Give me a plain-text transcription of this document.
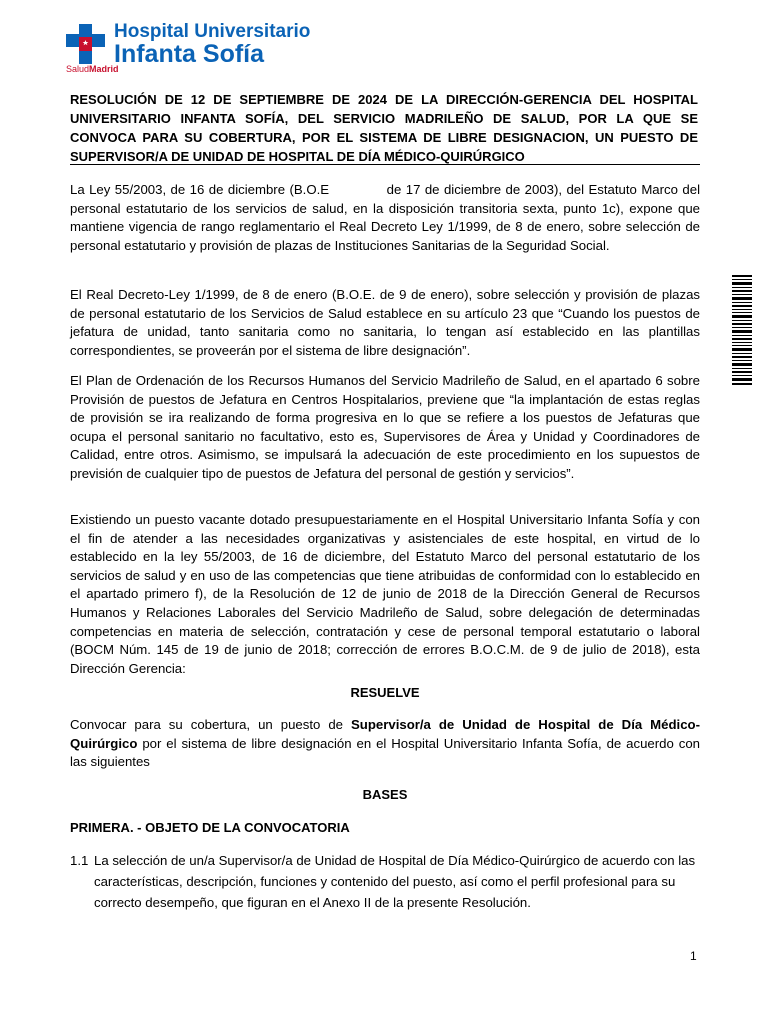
SaludMadrid
Hospital Universitario
Infanta Sofía
RESOLUCIÓN DE 12 DE SEPTIEMBRE DE 2024 DE LA DIRECCIÓN-GERENCIA DEL HOSPITAL UNIVERSITARIO INFANTA SOFÍA, DEL SERVICIO MADRILEÑO DE SALUD, POR LA QUE SE CONVOCA PARA SU COBERTURA, POR EL SISTEMA DE LIBRE DESIGNACION, UN PUESTO DE SUPERVISOR/A DE UNIDAD DE HOSPITAL DE DÍA MÉDICO-QUIRÚRGICO
La Ley 55/2003, de 16 de diciembre (B.O.E             de 17 de diciembre de 2003), del Estatuto Marco del personal estatutario de los servicios de salud, en la disposición transitoria sexta, punto 1c), expone que mantiene vigencia de rango reglamentario el Real Decreto Ley 1/1999, de 8 de enero, sobre selección de personal estatutario y provisión de plazas de Instituciones Sanitarias de la Seguridad Social.
El Real Decreto-Ley 1/1999, de 8 de enero (B.O.E. de 9 de enero), sobre selección y provisión de plazas de personal estatutario de los Servicios de Salud establece en su artículo 23 que “Cuando los puestos de jefatura de unidad, tanto sanitaria como no sanitaria, lo tengan así establecido en las plantillas correspondientes, se proveerán por el sistema de libre designación”.
El Plan de Ordenación de los Recursos Humanos del Servicio Madrileño de Salud, en el apartado 6 sobre Provisión de puestos de Jefatura en Centros Hospitalarios, previene que “la implantación de estas reglas de provisión se ira realizando de forma progresiva en lo que se refiere a los puestos de Jefaturas que ocupa el personal sanitario no facultativo, esto es, Supervisores de Área y Unidad y Coordinadores de Calidad, entre otros. Asimismo, se impulsará la adecuación de este procedimiento en los supuestos de previsión de cualquier tipo de puestos de Jefatura del personal de gestión y servicios”.
Existiendo un puesto vacante dotado presupuestariamente en el Hospital Universitario Infanta Sofía y con el fin de atender a las necesidades organizativas y asistenciales de este hospital, en virtud de lo establecido en la ley 55/2003, de 16 de diciembre, del Estatuto Marco del personal estatutario de los servicios de salud y en uso de las competencias que tiene atribuidas de conformidad con lo establecido en el apartado primero f), de la Resolución de 12 de junio de 2018 de la Dirección General de Recursos Humanos y Relaciones Laborales del Servicio Madrileño de Salud, sobre delegación de determinadas competencias en materia de selección, contratación y cese de personal temporal estatutario o laboral (BOCM Núm. 145 de 19 de junio de 2018; corrección de errores B.O.C.M. de 9 de julio de 2018), esta Dirección Gerencia:
RESUELVE
Convocar para su cobertura, un puesto de Supervisor/a de Unidad de Hospital de Día Médico-Quirúrgico por el sistema de libre designación en el Hospital Universitario Infanta Sofía, de acuerdo con las siguientes
BASES
PRIMERA. - OBJETO DE LA CONVOCATORIA
1.1 La selección de un/a Supervisor/a de Unidad de Hospital de Día Médico-Quirúrgico de acuerdo con las características, descripción, funciones y contenido del puesto, así como el perfil profesional para su correcto desempeño, que figuran en el Anexo II de la presente Resolución.
1
